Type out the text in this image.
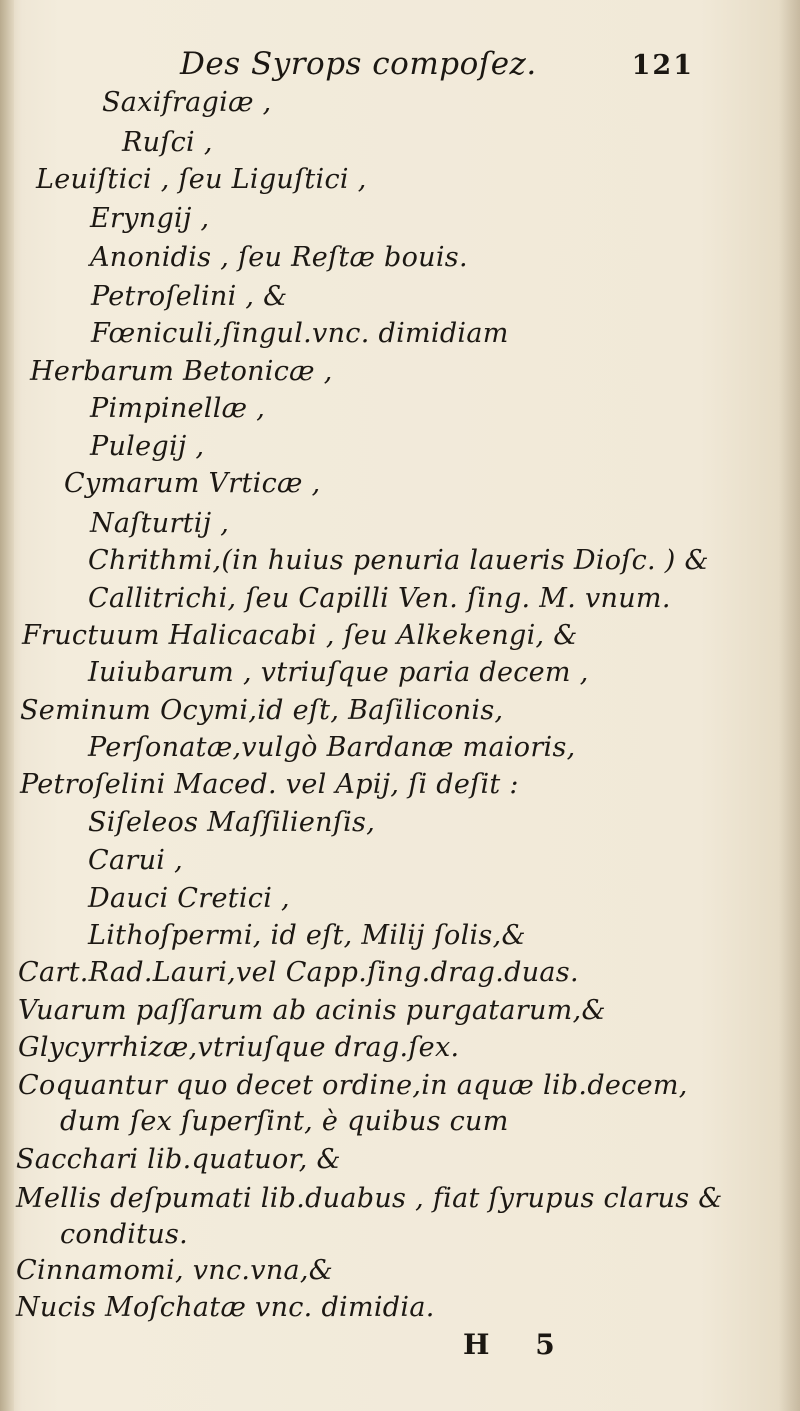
Des Syrops compoſez.	121
Saxifragiæ ,
Ruſci ,
Leuiſtici , ſeu Liguſtici ,
Eryngij ,
Anonidis , ſeu Reſtæ bouis.
Petroſelini , &
Fœniculi,ſingul.vnc. dimidiam
Herbarum Betonicæ ,
Pimpinellæ ,
Pulegij ,
Cymarum Vrticæ ,
Naſturtij ,
Chrithmi,(in huius penuria laueris Dioſc. ) &
Callitrichi, ſeu Capilli Ven. ſing. M. vnum.
Fructuum Halicacabi , ſeu Alkekengi, &
Iuiubarum , vtriuſque paria decem ,
Seminum Ocymi,id eſt, Baſiliconis,
Perſonatæ,vulgò Bardanæ maioris,
Petroſelini Maced. vel Apij, ſi deſit :
Siſeleos Maſſilienſis,
Carui ,
Dauci Cretici ,
Lithoſpermi, id eſt, Milij ſolis,&
Cart.Rad.Lauri,vel Capp.ſing.drag.duas.
Vuarum paſſarum ab acinis purgatarum,&
Glycyrrhizæ,vtriuſque drag.ſex.
Coquantur quo decet ordine,in aquæ lib.decem,
dum ſex ſuperſint, è quibus cum
Sacchari lib.quatuor, &
Mellis deſpumati lib.duabus , fiat ſyrupus clarus &
conditus.
Cinnamomi, vnc.vna,&
Nucis Moſchatæ vnc. dimidia.
H 5
